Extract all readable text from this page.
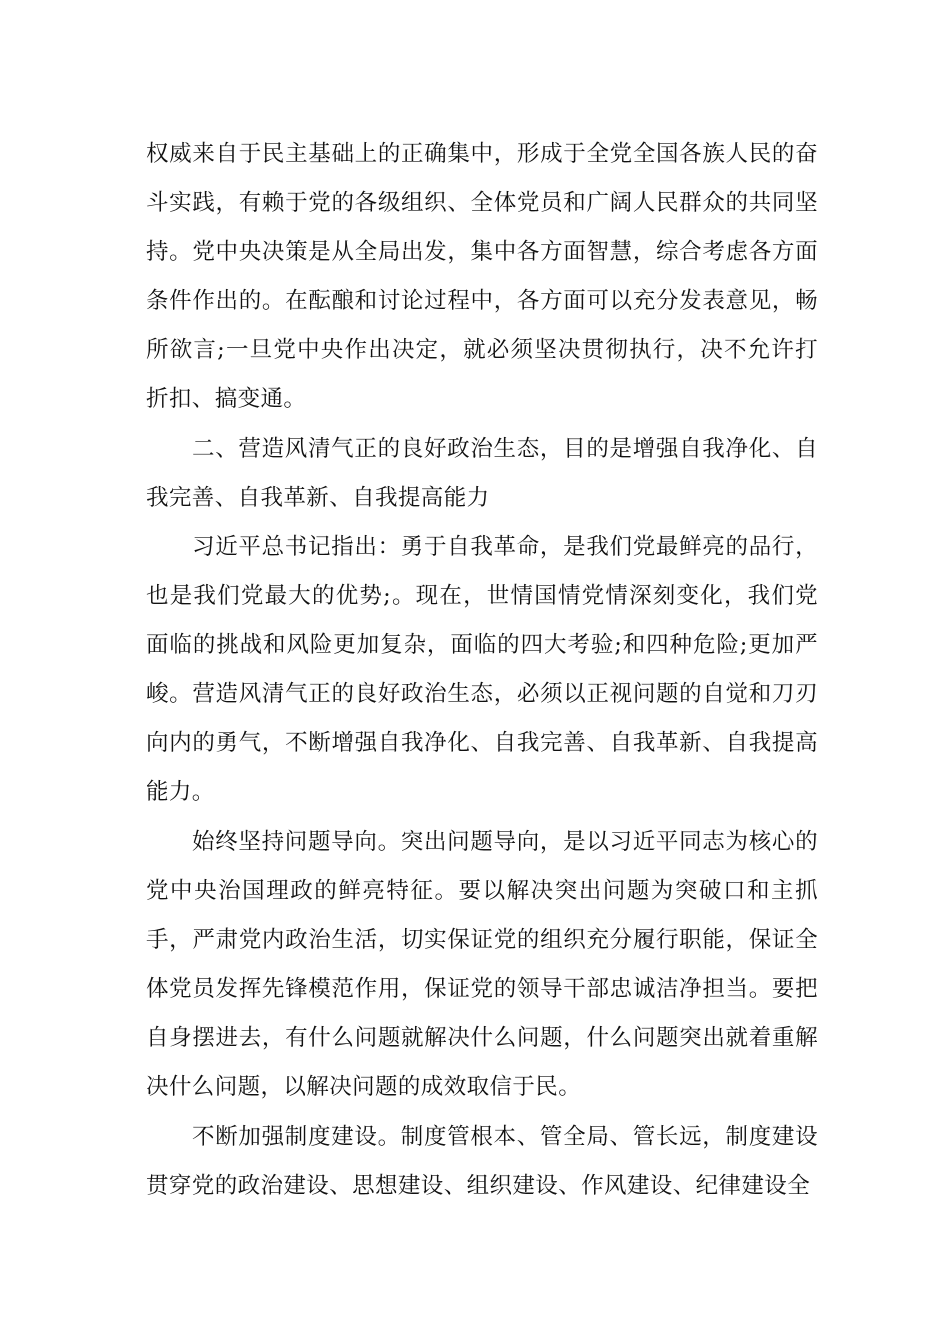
权威来自于民主基础上的正确集中，形成于全党全国各族人民的奋斗实践，有赖于党的各级组织、全体党员和广阔人民群众的共同坚持。党中央决策是从全局出发，集中各方面智慧，综合考虑各方面条件作出的。在酝酿和讨论过程中，各方面可以充分发表意见，畅所欲言;一旦党中央作出决定，就必须坚决贯彻执行，决不允许打折扣、搞变通。

二、营造风清气正的良好政治生态，目的是增强自我净化、自我完善、自我革新、自我提高能力

习近平总书记指出：勇于自我革命，是我们党最鲜亮的品行，也是我们党最大的优势;。现在，世情国情党情深刻变化，我们党面临的挑战和风险更加复杂，面临的四大考验;和四种危险;更加严峻。营造风清气正的良好政治生态，必须以正视问题的自觉和刀刃向内的勇气，不断增强自我净化、自我完善、自我革新、自我提高能力。

始终坚持问题导向。突出问题导向，是以习近平同志为核心的党中央治国理政的鲜亮特征。要以解决突出问题为突破口和主抓手，严肃党内政治生活，切实保证党的组织充分履行职能，保证全体党员发挥先锋模范作用，保证党的领导干部忠诚洁净担当。要把自身摆进去，有什么问题就解决什么问题，什么问题突出就着重解决什么问题，以解决问题的成效取信于民。

不断加强制度建设。制度管根本、管全局、管长远，制度建设贯穿党的政治建设、思想建设、组织建设、作风建设、纪律建设全
